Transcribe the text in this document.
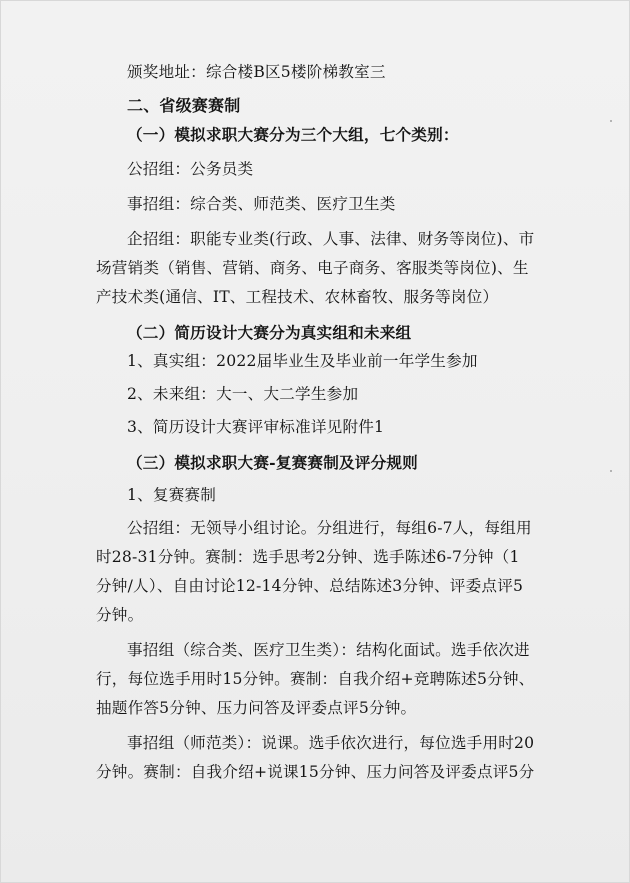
颁奖地址：综合楼B区5楼阶梯教室三
二、省级赛赛制
（一）模拟求职大赛分为三个大组，七个类别：
公招组：公务员类
事招组：综合类、师范类、医疗卫生类
企招组：职能专业类(行政、人事、法律、财务等岗位)、市
场营销类（销售、营销、商务、电子商务、客服类等岗位)、生
产技术类(通信、IT、工程技术、农林畜牧、服务等岗位）
（二）简历设计大赛分为真实组和未来组
1、真实组：2022届毕业生及毕业前一年学生参加
2、未来组：大一、大二学生参加
3、简历设计大赛评审标准详见附件1
（三）模拟求职大赛-复赛赛制及评分规则
1、复赛赛制
公招组：无领导小组讨论。分组进行，每组6-7人，每组用
时28-31分钟。赛制：选手思考2分钟、选手陈述6-7分钟（1
分钟/人）、自由讨论12-14分钟、总结陈述3分钟、评委点评5
分钟。
事招组（综合类、医疗卫生类）：结构化面试。选手依次进
行，每位选手用时15分钟。赛制：自我介绍+竞聘陈述5分钟、
抽题作答5分钟、压力问答及评委点评5分钟。
事招组（师范类）：说课。选手依次进行，每位选手用时20
分钟。赛制：自我介绍+说课15分钟、压力问答及评委点评5分
